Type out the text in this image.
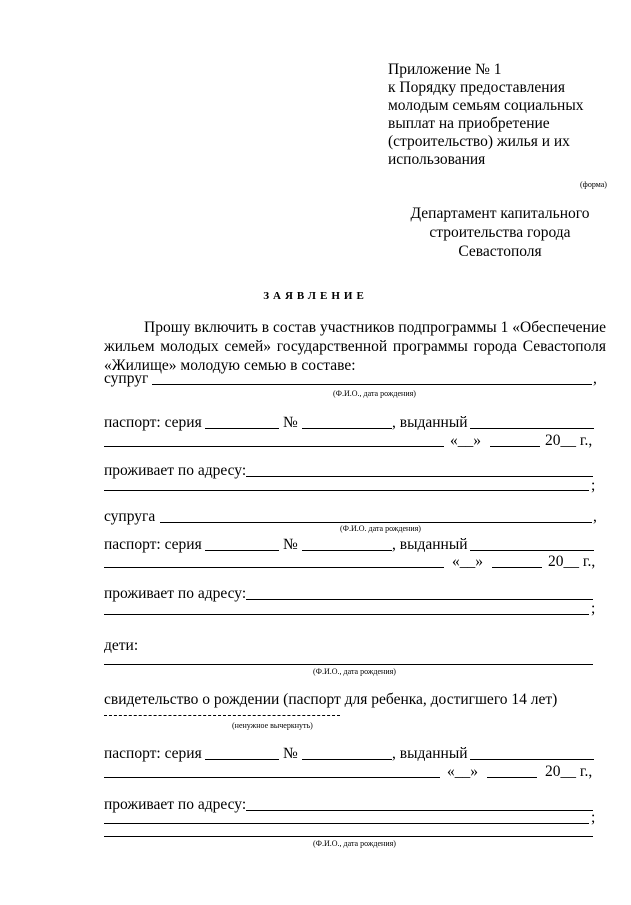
Приложение № 1
к Порядку предоставления
молодым семьям социальных
выплат на приобретение
(строительство) жилья и их
использования
(форма)
Департамент капитального
строительства города
Севастополя
ЗАЯВЛЕНИЕ
Прошу включить в состав участников подпрограммы 1 «Обеспечение жильем молодых семей» государственной программы города Севастополя «Жилище» молодую семью в составе:
супруг	,
(Ф.И.О., дата рождения)
паспорт: серия	№	, выданный
«__»	20__ г.,
проживает по адресу:
;
супруга	,
(Ф.И.О. дата рождения)
паспорт: серия	№	, выданный
«__»	20__ г.,
проживает по адресу:
;
дети:
(Ф.И.О., дата рождения)
свидетельство о рождении (паспорт для ребенка, достигшего 14 лет)
(ненужное вычеркнуть)
паспорт: серия	№	, выданный
«__»	20__ г.,
проживает по адресу:
;
(Ф.И.О., дата рождения)
